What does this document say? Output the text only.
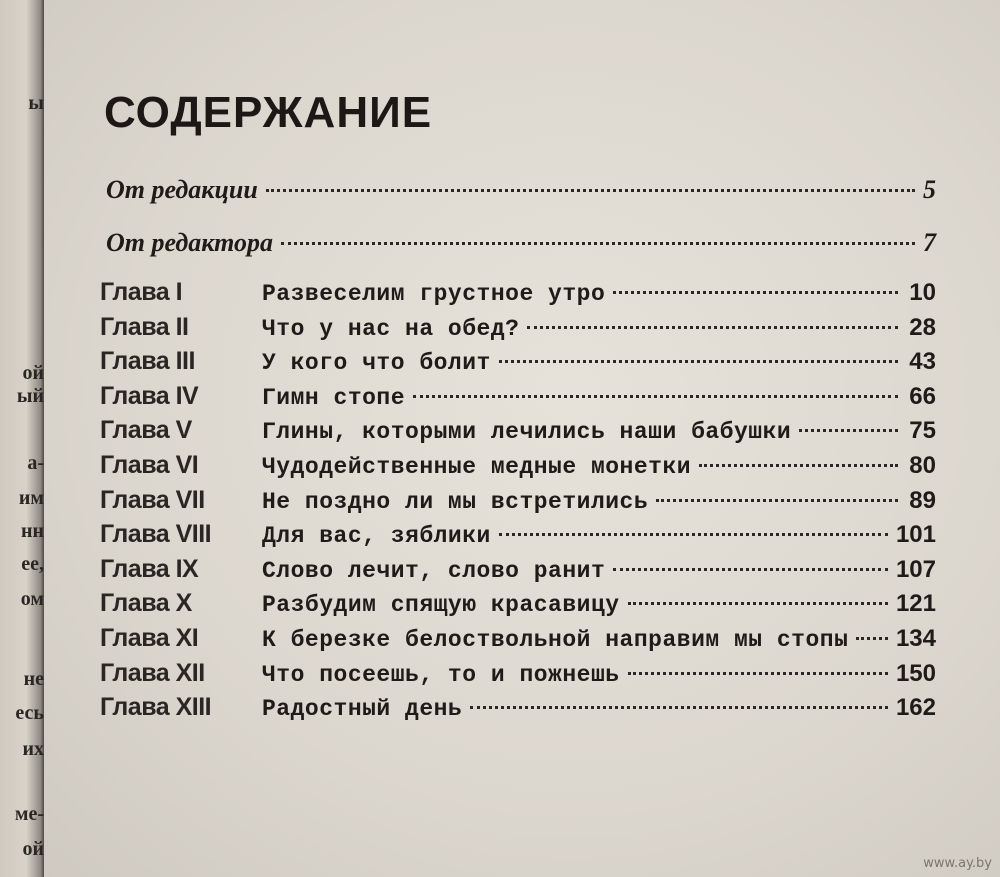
ы
ой
ый
а-
им
нн
ее,
ом
не
есь
их
ме-
ой
СОДЕРЖАНИЕ
От редакции	5
От редактора	7
Глава I	Развеселим грустное утро	10
Глава II	Что у нас на обед?	28
Глава III	У кого что болит	43
Глава IV	Гимн стопе	66
Глава V	Глины, которыми лечились наши бабушки	75
Глава VI	Чудодейственные медные монетки	80
Глава VII	Не поздно ли мы встретились	89
Глава VIII	Для вас, зяблики	101
Глава IX	Слово лечит, слово ранит	107
Глава X	Разбудим спящую красавицу	121
Глава XI	К березке белоствольной направим мы стопы 134
Глава XII	Что посеешь, то и пожнешь	150
Глава XIII	Радостный день	162
www.ay.by
